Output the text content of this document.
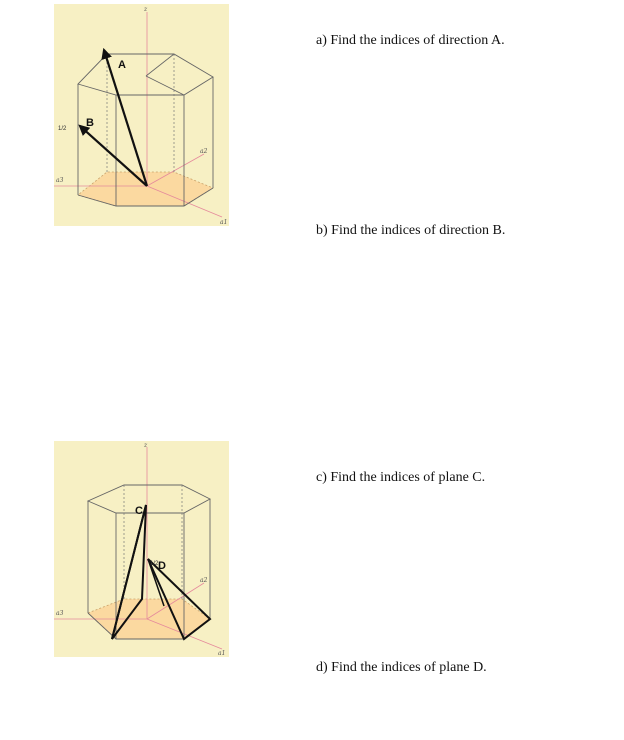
A
B
1/2
z
a3
a1
a2
C
D
1/2
z
a3
a1
a2
a) Find the indices of direction A.
b) Find the indices of direction B.
c) Find the indices of plane C.
d) Find the indices of plane D.
